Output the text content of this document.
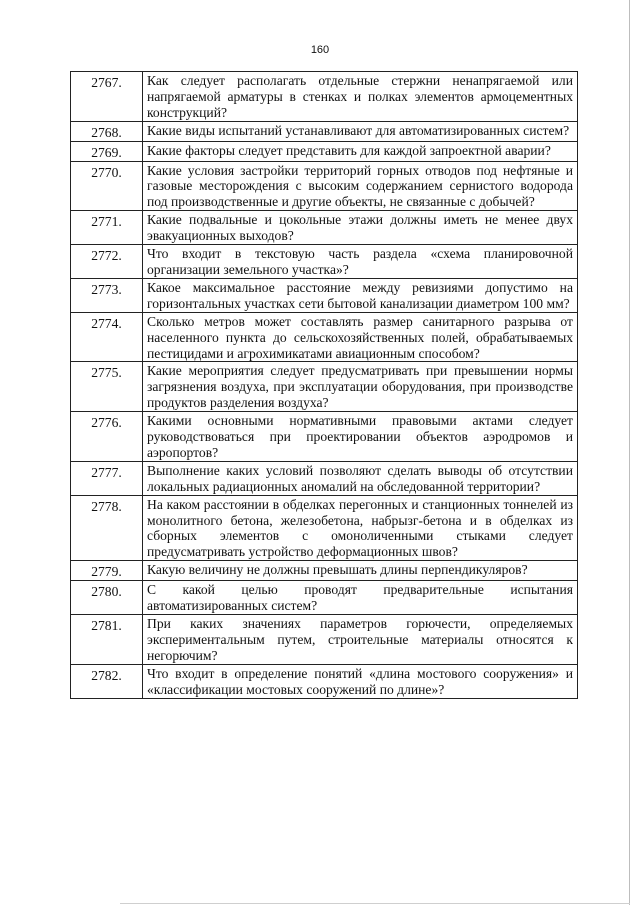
160
2767.	Как следует располагать отдельные стержни ненапрягаемой или напрягаемой арматуры в стенках и полках элементов армоцементных конструкций?
2768.	Какие виды испытаний устанавливают для автоматизированных систем?
2769.	Какие факторы следует представить для каждой запроектной аварии?
2770.	Какие условия застройки территорий горных отводов под нефтяные и газовые месторождения с высоким содержанием сернистого водорода под производственные и другие объекты, не связанные с добычей?
2771.	Какие подвальные и цокольные этажи должны иметь не менее двух эвакуационных выходов?
2772.	Что входит в текстовую часть раздела «схема планировочной организации земельного участка»?
2773.	Какое максимальное расстояние между ревизиями допустимо на горизонтальных участках сети бытовой канализации диаметром 100 мм?
2774.	Сколько метров может составлять размер санитарного разрыва от населенного пункта до сельскохозяйственных полей, обрабатываемых пестицидами и агрохимикатами авиационным способом?
2775.	Какие мероприятия следует предусматривать при превышении нормы загрязнения воздуха, при эксплуатации оборудования, при производстве продуктов разделения воздуха?
2776.	Какими основными нормативными правовыми актами следует руководствоваться при проектировании объектов аэродромов и аэропортов?
2777.	Выполнение каких условий позволяют сделать выводы об отсутствии локальных радиационных аномалий на обследованной территории?
2778.	На каком расстоянии в обделках перегонных и станционных тоннелей из монолитного бетона, железобетона, набрызг-бетона и в обделках из сборных элементов с омоноличенными стыками следует предусматривать устройство деформационных швов?
2779.	Какую величину не должны превышать длины перпендикуляров?
2780.	С какой целью проводят предварительные испытания автоматизированных систем?
2781.	При каких значениях параметров горючести, определяемых экспериментальным путем, строительные материалы относятся к негорючим?
2782.	Что входит в определение понятий «длина мостового сооружения» и «классификации мостовых сооружений по длине»?
